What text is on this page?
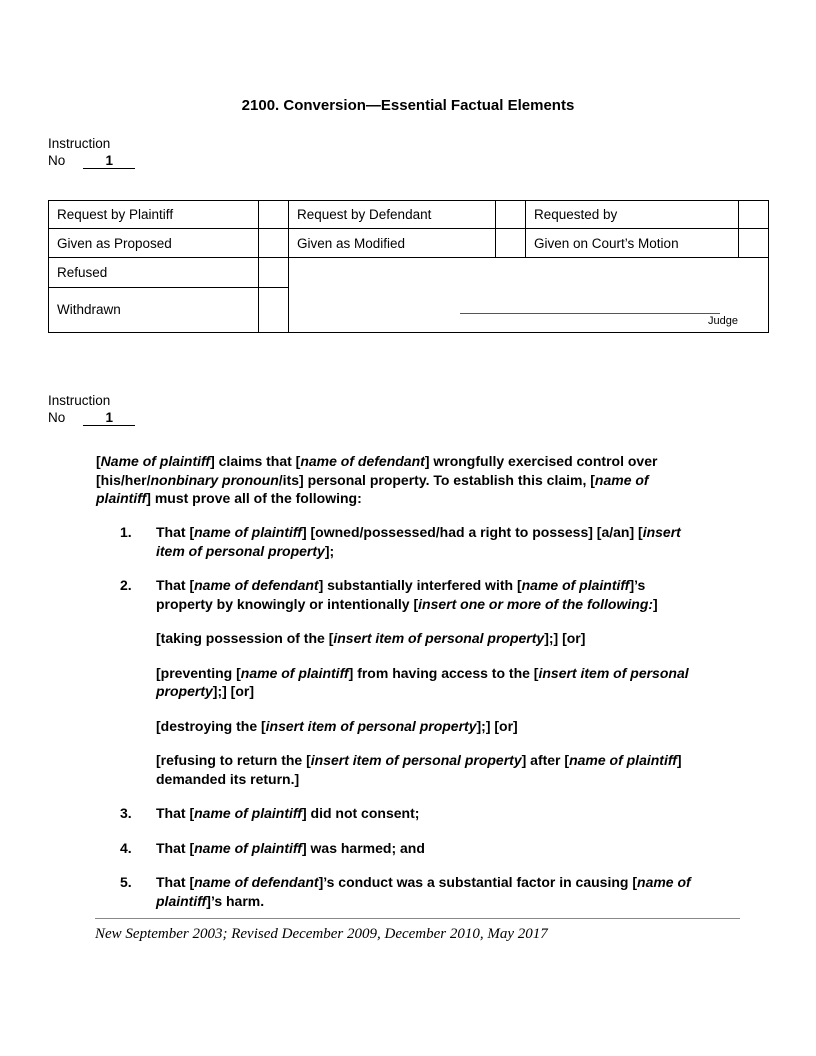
2100. Conversion—Essential Factual Elements
Instruction
No	1
Request by Plaintiff		Request by Defendant		Requested by	
Given as Proposed		Given as Modified		Given on Court’s Motion	
Refused		Judge			

Withdrawn					
Instruction
No	1

[Name of plaintiff] claims that [name of defendant] wrongfully exercised control over [his/her/nonbinary pronoun/its] personal property. To establish this claim, [name of plaintiff] must prove all of the following:

1.	That [name of plaintiff] [owned/possessed/had a right to possess] [a/an] [insert item of personal property];

2.	That [name of defendant] substantially interfered with [name of plaintiff]’s property by knowingly or intentionally [insert one or more of the following:]

[taking possession of the [insert item of personal property];] [or]

[preventing [name of plaintiff] from having access to the [insert item of personal property];] [or]

[destroying the [insert item of personal property];] [or]

[refusing to return the [insert item of personal property] after [name of plaintiff] demanded its return.]

3.	That [name of plaintiff] did not consent;

4.	That [name of plaintiff] was harmed; and

5.	That [name of defendant]’s conduct was a substantial factor in causing [name of plaintiff]’s harm.

New September 2003; Revised December 2009, December 2010, May 2017
